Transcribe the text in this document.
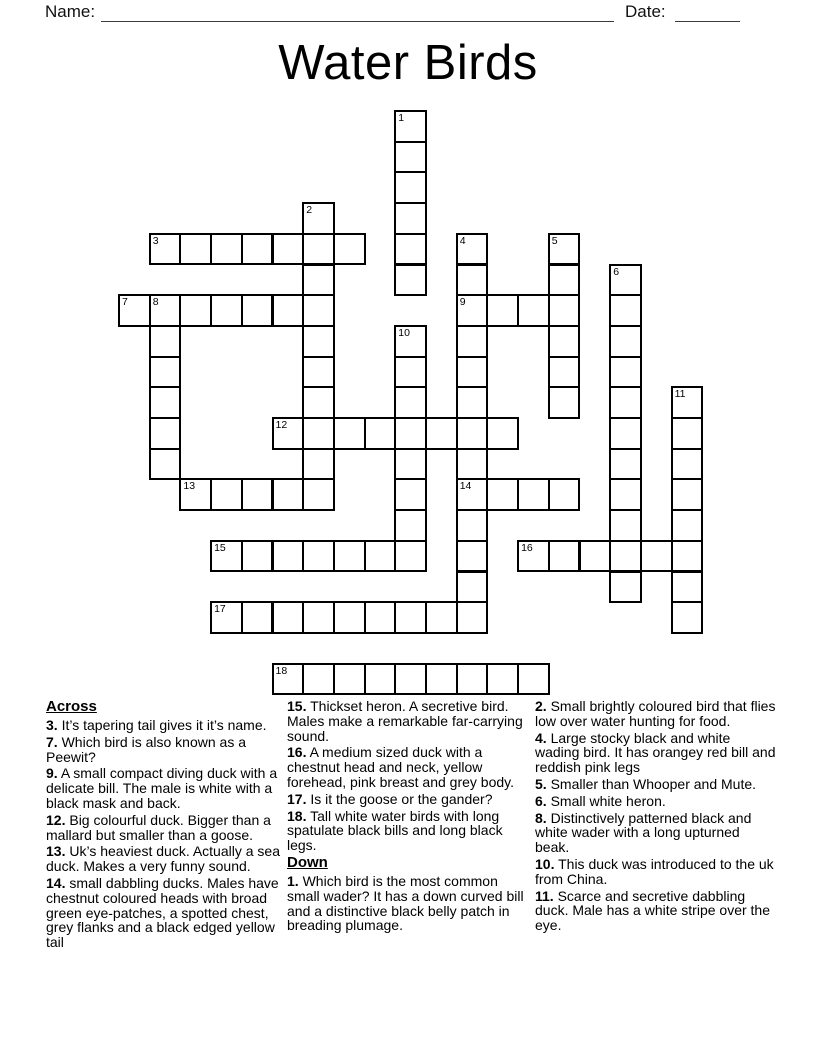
Name:	Date:
Water Birds
1
2
3	4
9
14
5
6
7 8
10
11
12
13
15	16
17
18
Across

3. It’s tapering tail gives it it’s name.

7. Which bird is also known as a Peewit?

9. A small compact diving duck with a delicate bill. The male is white with a black mask and back.

12. Big colourful duck. Bigger than a mallard but smaller than a goose.

13. Uk’s heaviest duck. Actually a sea duck. Makes a very funny sound.

14. small dabbling ducks. Males have chestnut coloured heads with broad green eye-patches, a spotted chest, grey flanks and a black edged yellow tail

15. Thickset heron. A secretive bird. Males make a remarkable far-carrying sound.

16. A medium sized duck with a chestnut head and neck, yellow forehead, pink breast and grey body.

17. Is it the goose or the gander?

18. Tall white water birds with long spatulate black bills and long black legs.

Down

1. Which bird is the most common small wader? It has a down curved bill and a distinctive black belly patch in breading plumage.

2. Small brightly coloured bird that flies low over water hunting for food.

4. Large stocky black and white wading bird. It has orangey red bill and reddish pink legs

5. Smaller than Whooper and Mute.

6. Small white heron.

8. Distinctively patterned black and white wader with a long upturned beak.

10. This duck was introduced to the uk from China.

11. Scarce and secretive dabbling duck. Male has a white stripe over the eye.
